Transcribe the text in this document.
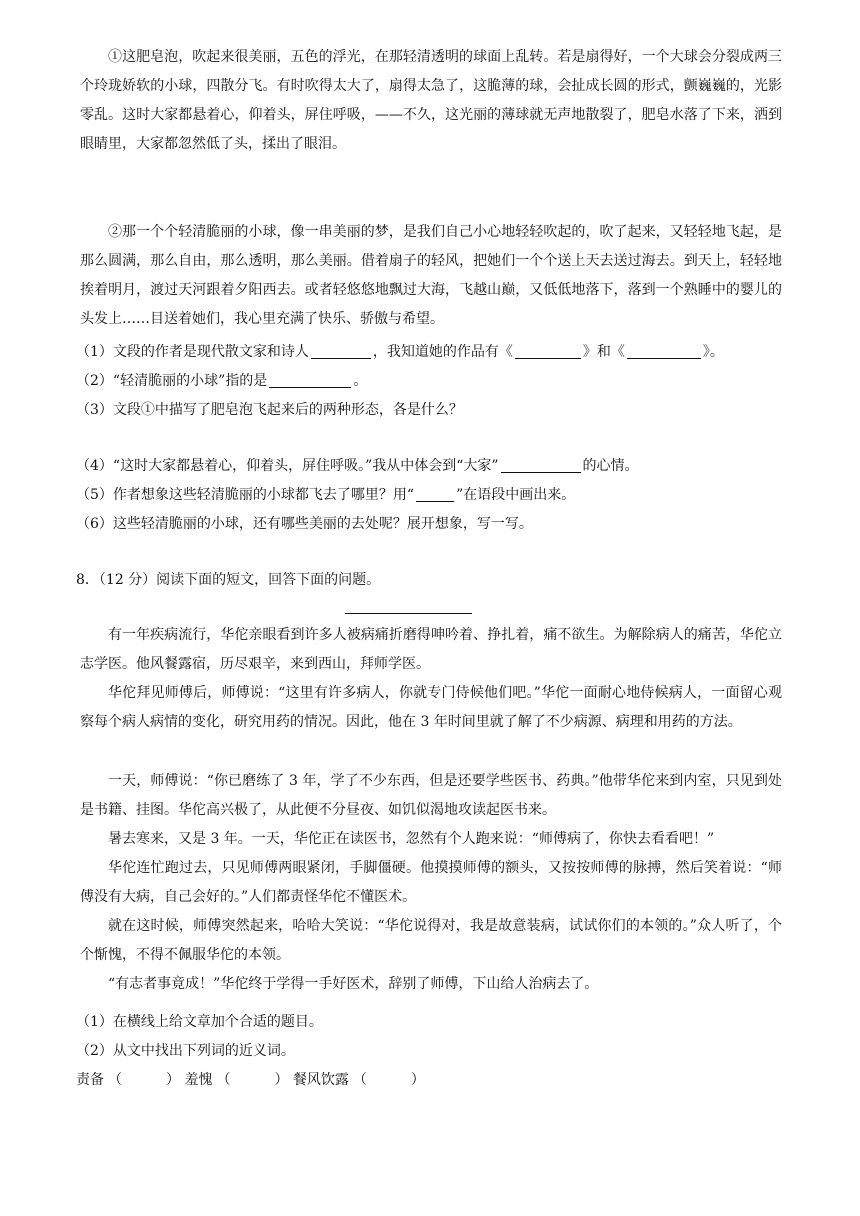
①这肥皂泡，吹起来很美丽，五色的浮光，在那轻清透明的球面上乱转。若是扇得好，一个大球会分裂成两三个玲珑娇软的小球，四散分飞。有时吹得太大了，扇得太急了，这脆薄的球，会扯成长圆的形式，颤巍巍的，光影零乱。这时大家都悬着心，仰着头，屏住呼吸，——不久，这光丽的薄球就无声地散裂了，肥皂水落了下来，洒到眼睛里，大家都忽然低了头，揉出了眼泪。

②那一个个轻清脆丽的小球，像一串美丽的梦，是我们自己小心地轻轻吹起的，吹了起来，又轻轻地飞起，是那么圆满，那么自由，那么透明，那么美丽。借着扇子的轻风，把她们一个个送上天去送过海去。到天上，轻轻地挨着明月，渡过天河跟着夕阳西去。或者轻悠悠地飘过大海，飞越山巅，又低低地落下，落到一个熟睡中的婴儿的头发上……目送着她们，我心里充满了快乐、骄傲与希望。

（1）文段的作者是现代散文家和诗人	，我知道她的作品有《	》和《	》。

（2）“轻清脆丽的小球”指的是	。

（3）文段①中描写了肥皂泡飞起来后的两种形态，各是什么？

（4）“这时大家都悬着心，仰着头，屏住呼吸。”我从中体会到“大家”	的心情。

（5）作者想象这些轻清脆丽的小球都飞去了哪里？用“	”在语段中画出来。

（6）这些轻清脆丽的小球，还有哪些美丽的去处呢？展开想象，写一写。

8．（12 分）阅读下面的短文，回答下面的问题。

有一年疾病流行，华佗亲眼看到许多人被病痛折磨得呻吟着、挣扎着，痛不欲生。为解除病人的痛苦，华佗立志学医。他风餐露宿，历尽艰辛，来到西山，拜师学医。

华佗拜见师傅后，师傅说：“这里有许多病人，你就专门侍候他们吧。”华佗一面耐心地侍候病人，一面留心观察每个病人病情的变化，研究用药的情况。因此，他在 3 年时间里就了解了不少病源、病理和用药的方法。

一天，师傅说：“你已磨练了 3 年，学了不少东西，但是还要学些医书、药典。”他带华佗来到内室，只见到处是书籍、挂图。华佗高兴极了，从此便不分昼夜、如饥似渴地攻读起医书来。

暑去寒来，又是 3 年。一天，华佗正在读医书，忽然有个人跑来说：“师傅病了，你快去看看吧！”

华佗连忙跑过去，只见师傅两眼紧闭，手脚僵硬。他摸摸师傅的额头，又按按师傅的脉搏，然后笑着说：“师傅没有大病，自己会好的。”人们都责怪华佗不懂医术。

就在这时候，师傅突然起来，哈哈大笑说：“华佗说得对，我是故意装病，试试你们的本领的。”众人听了，个个惭愧，不得不佩服华佗的本领。

“有志者事竟成！”华佗终于学得一手好医术，辞别了师傅，下山给人治病去了。

（1）在横线上给文章加个合适的题目。

（2）从文中找出下列词的近义词。

责备 （	） 羞愧 （	） 餐风饮露 （	）
